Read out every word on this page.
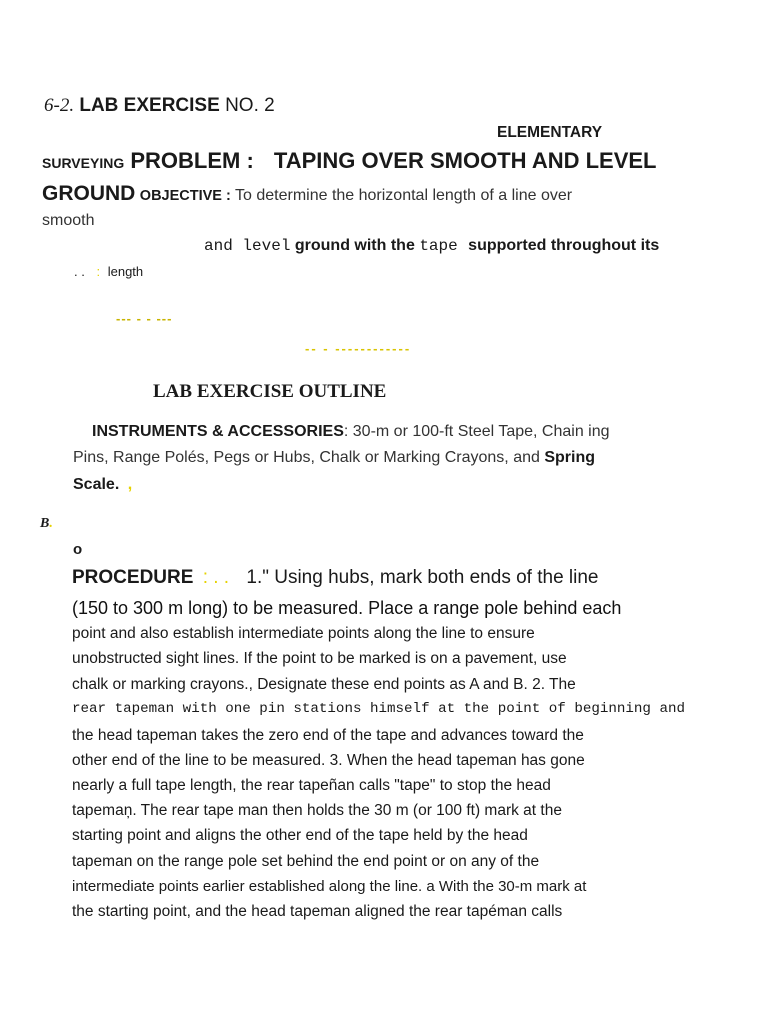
6-2. LAB EXERCISE NO. 2
ELEMENTARY
SURVEYING PROBLEM : TAPING OVER SMOOTH AND LEVEL
GROUND OBJECTIVE : To determine the horizontal length of a line over
smooth
and level ground with the tape supported throughout its
. . : length
--- - - ---
-- - ------------
LAB EXERCISE OUTLINE
INSTRUMENTS & ACCESSORIES: 30-m or 100-ft Steel Tape, Chain ing
Pins, Range Polés, Pegs or Hubs, Chalk or Marking Crayons, and Spring
Scale. ,
B.
o
PROCEDURE : . . 1." Using hubs, mark both ends of the line
(150 to 300 m long) to be measured. Place a range pole behind each
point and also establish intermediate points along the line to ensure
unobstructed sight lines. If the point to be marked is on a pavement, use
chalk or marking crayons., Designate these end points as A and B. 2. The
rear tapeman with one pin stations himself at the point of beginning and
the head tapeman takes the zero end of the tape and advances toward the
other end of the line to be measured. 3. When the head tapeman has gone
nearly a full tape length, the rear tapeñan calls "tape" to stop the head
tapemaņ. The rear tape man then holds the 30 m (or 100 ft) mark at the
starting point and aligns the other end of the tape held by the head
tapeman on the range pole set behind the end point or on any of the
intermediate points earlier established along the line. a With the 30-m mark at
the starting point, and the head tapeman aligned the rear tapéman calls
